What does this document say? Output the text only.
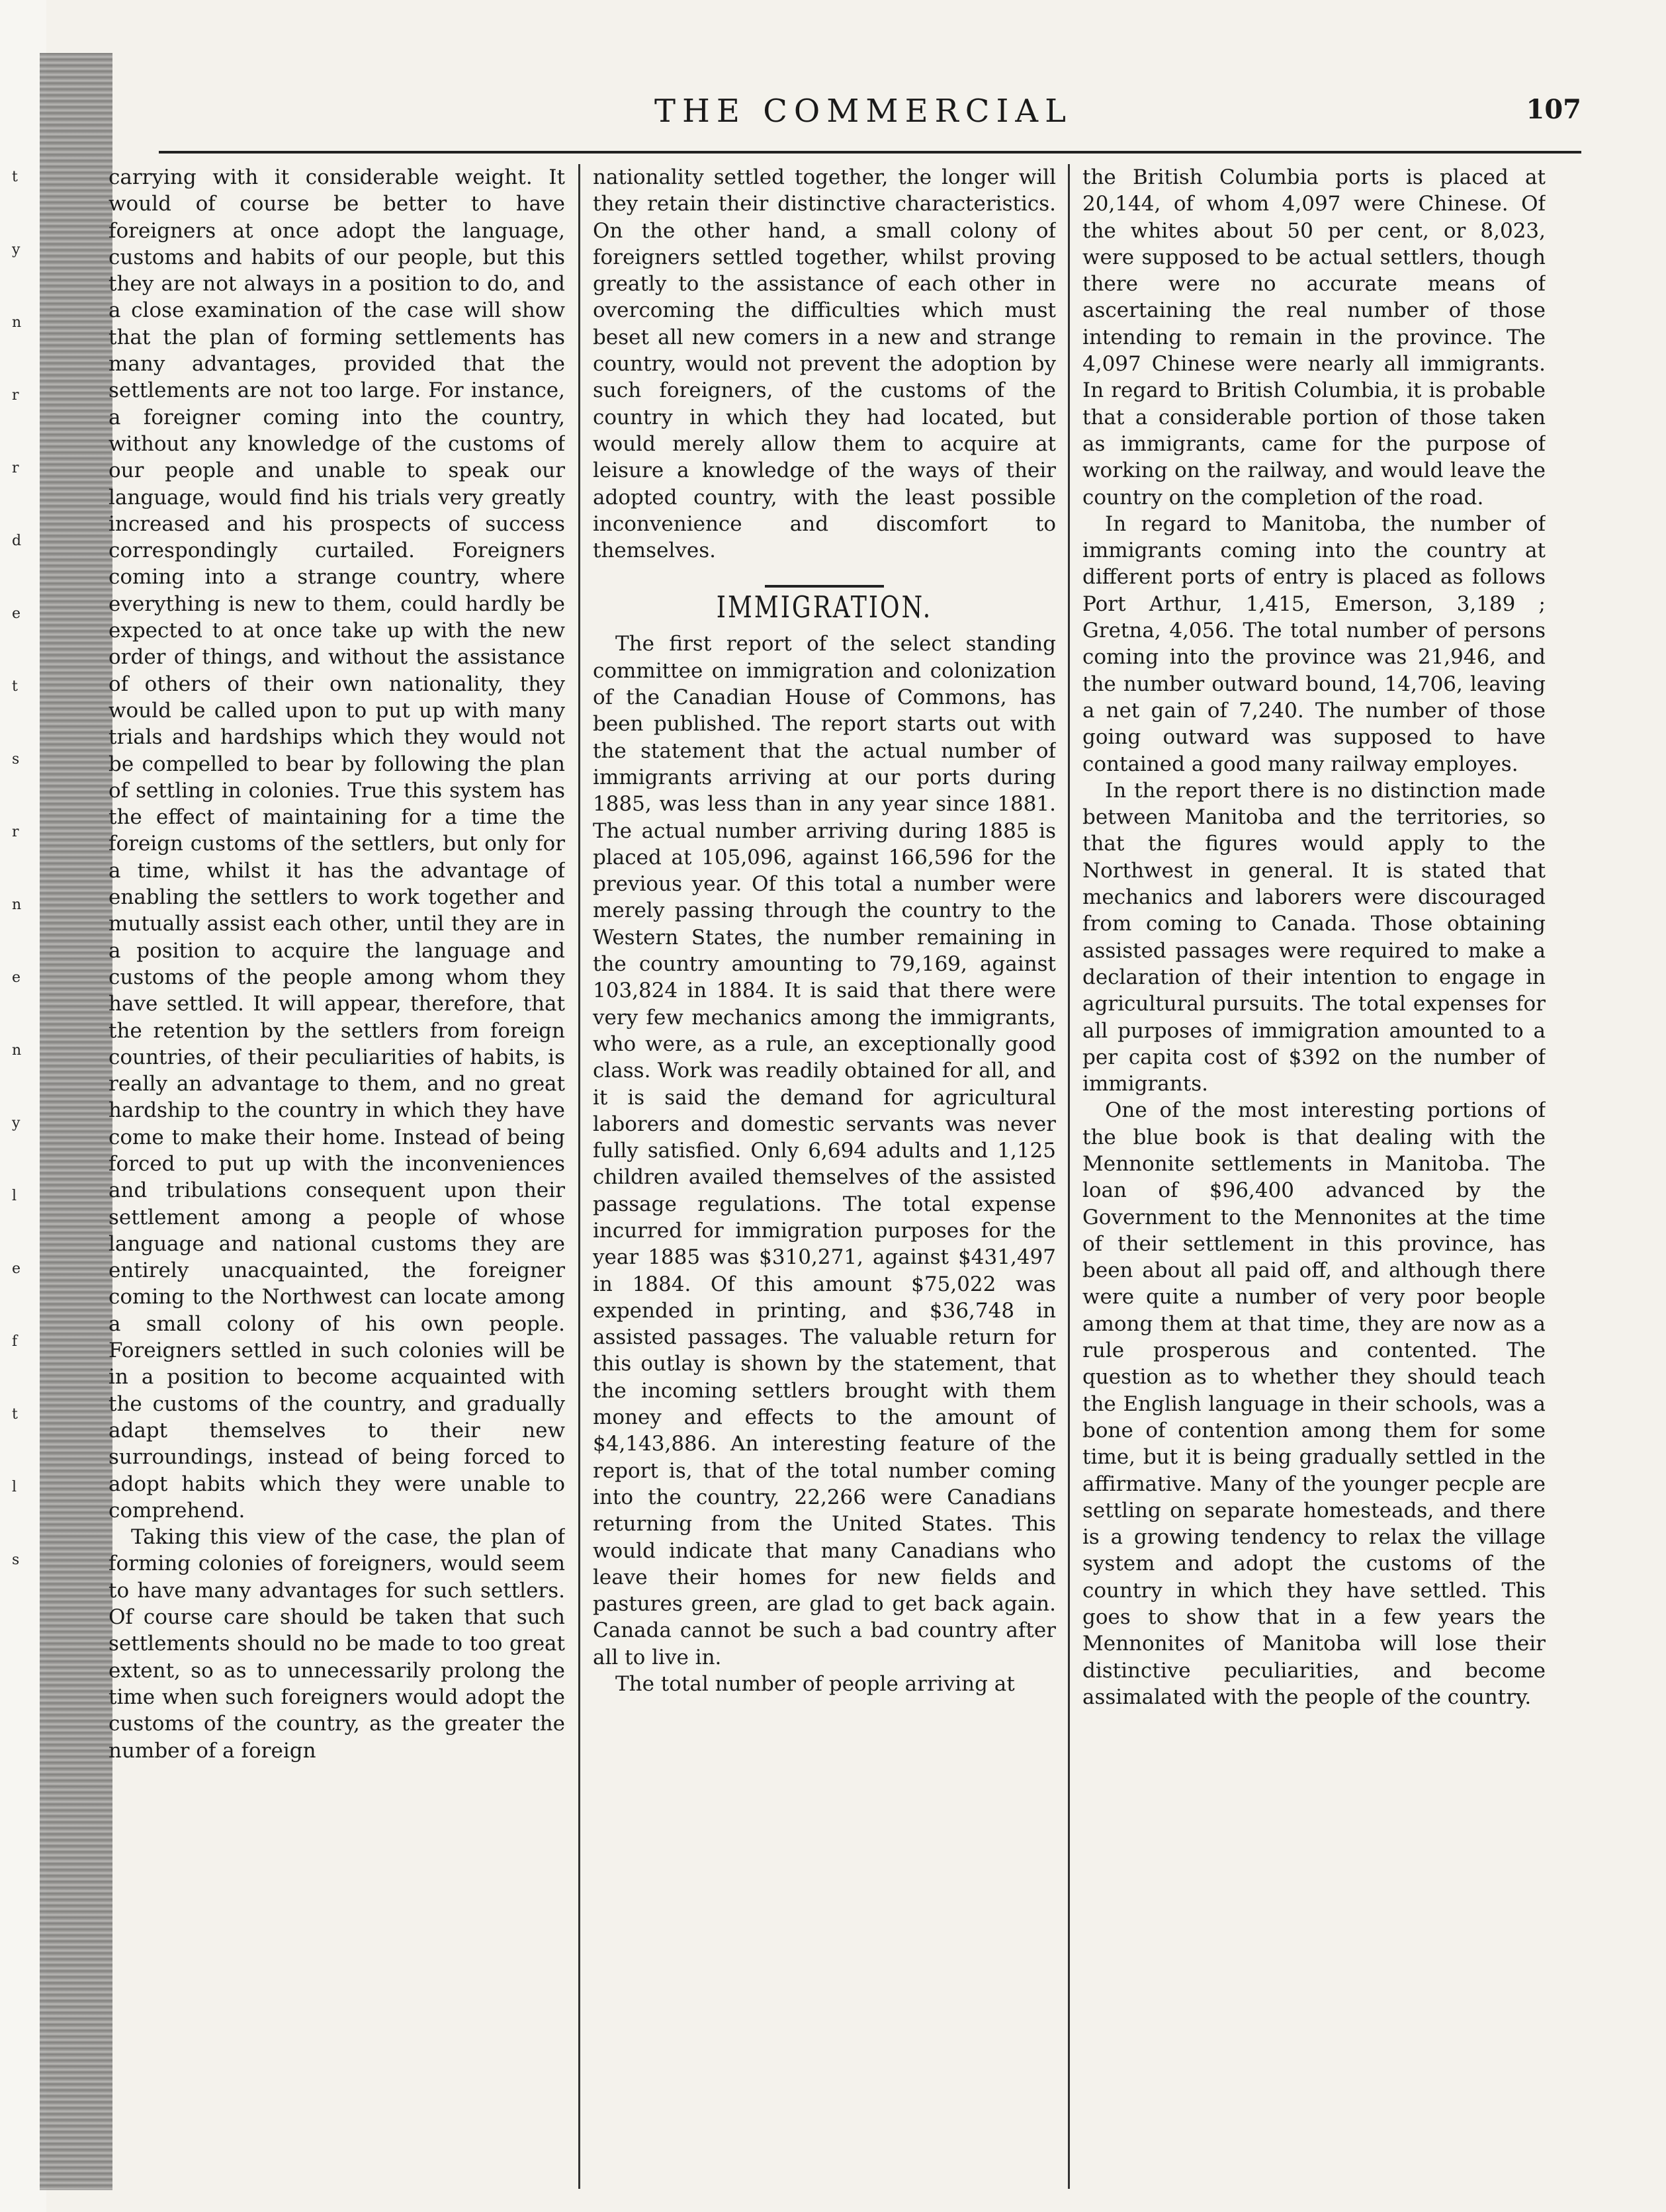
t
y
n
r
r
d
e
t
s
r
n
e
n
y
l
e
f
t
l
s
THE COMMERCIAL	107

carrying with it considerable weight. It would of course be better to have foreigners at once adopt the language, customs and habits of our people, but this they are not always in a position to do, and a close examination of the case will show that the plan of forming settlements has many advantages, provided that the settlements are not too large. For instance, a foreigner coming into the country, without any knowledge of the customs of our people and unable to speak our language, would find his trials very greatly increased and his prospects of success correspondingly curtailed. Foreigners coming into a strange country, where everything is new to them, could hardly be expected to at once take up with the new order of things, and without the assistance of others of their own nationality, they would be called upon to put up with many trials and hardships which they would not be compelled to bear by following the plan of settling in colonies. True this system has the effect of maintaining for a time the foreign customs of the settlers, but only for a time, whilst it has the advantage of enabling the settlers to work together and mutually assist each other, until they are in a position to acquire the language and customs of the people among whom they have settled. It will appear, therefore, that the retention by the settlers from foreign countries, of their peculiarities of habits, is really an advantage to them, and no great hardship to the country in which they have come to make their home. Instead of being forced to put up with the inconveniences and tribulations consequent upon their settlement among a people of whose language and national customs they are entirely unacquainted, the foreigner coming to the Northwest can locate among a small colony of his own people. Foreigners settled in such colonies will be in a position to become acquainted with the customs of the country, and gradually adapt themselves to their new surroundings, instead of being forced to adopt habits which they were unable to comprehend.

Taking this view of the case, the plan of forming colonies of foreigners, would seem to have many advantages for such settlers. Of course care should be taken that such settlements should no be made to too great extent, so as to unnecessarily prolong the time when such foreigners would adopt the customs of the country, as the greater the number of a foreign

nationality settled together, the longer will they retain their distinctive characteristics. On the other hand, a small colony of foreigners settled together, whilst proving greatly to the assistance of each other in overcoming the difficulties which must beset all new comers in a new and strange country, would not prevent the adoption by such foreigners, of the customs of the country in which they had located, but would merely allow them to acquire at leisure a knowledge of the ways of their adopted country, with the least possible inconvenience and discomfort to themselves.

IMMIGRATION.

The first report of the select standing committee on immigration and colonization of the Canadian House of Commons, has been published. The report starts out with the statement that the actual number of immigrants arriving at our ports during 1885, was less than in any year since 1881. The actual number arriving during 1885 is placed at 105,096, against 166,596 for the previous year. Of this total a number were merely passing through the country to the Western States, the number remaining in the country amounting to 79,169, against 103,824 in 1884. It is said that there were very few mechanics among the immigrants, who were, as a rule, an exceptionally good class. Work was readily obtained for all, and it is said the demand for agricultural laborers and domestic servants was never fully satisfied. Only 6,694 adults and 1,125 children availed themselves of the assisted passage regulations. The total expense incurred for immigration purposes for the year 1885 was $310,271, against $431,497 in 1884. Of this amount $75,022 was expended in printing, and $36,748 in assisted passages. The valuable return for this outlay is shown by the statement, that the incoming settlers brought with them money and effects to the amount of $4,143,886. An interesting feature of the report is, that of the total number coming into the country, 22,266 were Canadians returning from the United States. This would indicate that many Canadians who leave their homes for new fields and pastures green, are glad to get back again. Canada cannot be such a bad country after all to live in.

The total number of people arriving at

the British Columbia ports is placed at 20,144, of whom 4,097 were Chinese. Of the whites about 50 per cent, or 8,023, were supposed to be actual settlers, though there were no accurate means of ascertaining the real number of those intending to remain in the province. The 4,097 Chinese were nearly all immigrants. In regard to British Columbia, it is probable that a considerable portion of those taken as immigrants, came for the purpose of working on the railway, and would leave the country on the completion of the road.

In regard to Manitoba, the number of immigrants coming into the country at different ports of entry is placed as follows Port Arthur, 1,415, Emerson, 3,189 ; Gretna, 4,056. The total number of persons coming into the province was 21,946, and the number outward bound, 14,706, leaving a net gain of 7,240. The number of those going outward was supposed to have contained a good many railway employes.

In the report there is no distinction made between Manitoba and the territories, so that the figures would apply to the Northwest in general. It is stated that mechanics and laborers were discouraged from coming to Canada. Those obtaining assisted passages were required to make a declaration of their intention to engage in agricultural pursuits. The total expenses for all purposes of immigration amounted to a per capita cost of $392 on the number of immigrants.

One of the most interesting portions of the blue book is that dealing with the Mennonite settlements in Manitoba. The loan of $96,400 advanced by the Government to the Mennonites at the time of their settlement in this province, has been about all paid off, and although there were quite a number of very poor beople among them at that time, they are now as a rule prosperous and contented. The question as to whether they should teach the English language in their schools, was a bone of contention among them for some time, but it is being gradually settled in the affirmative. Many of the younger pecple are settling on separate homesteads, and there is a growing tendency to relax the village system and adopt the customs of the country in which they have settled. This goes to show that in a few years the Mennonites of Manitoba will lose their distinctive peculiarities, and become assimalated with the people of the country.
